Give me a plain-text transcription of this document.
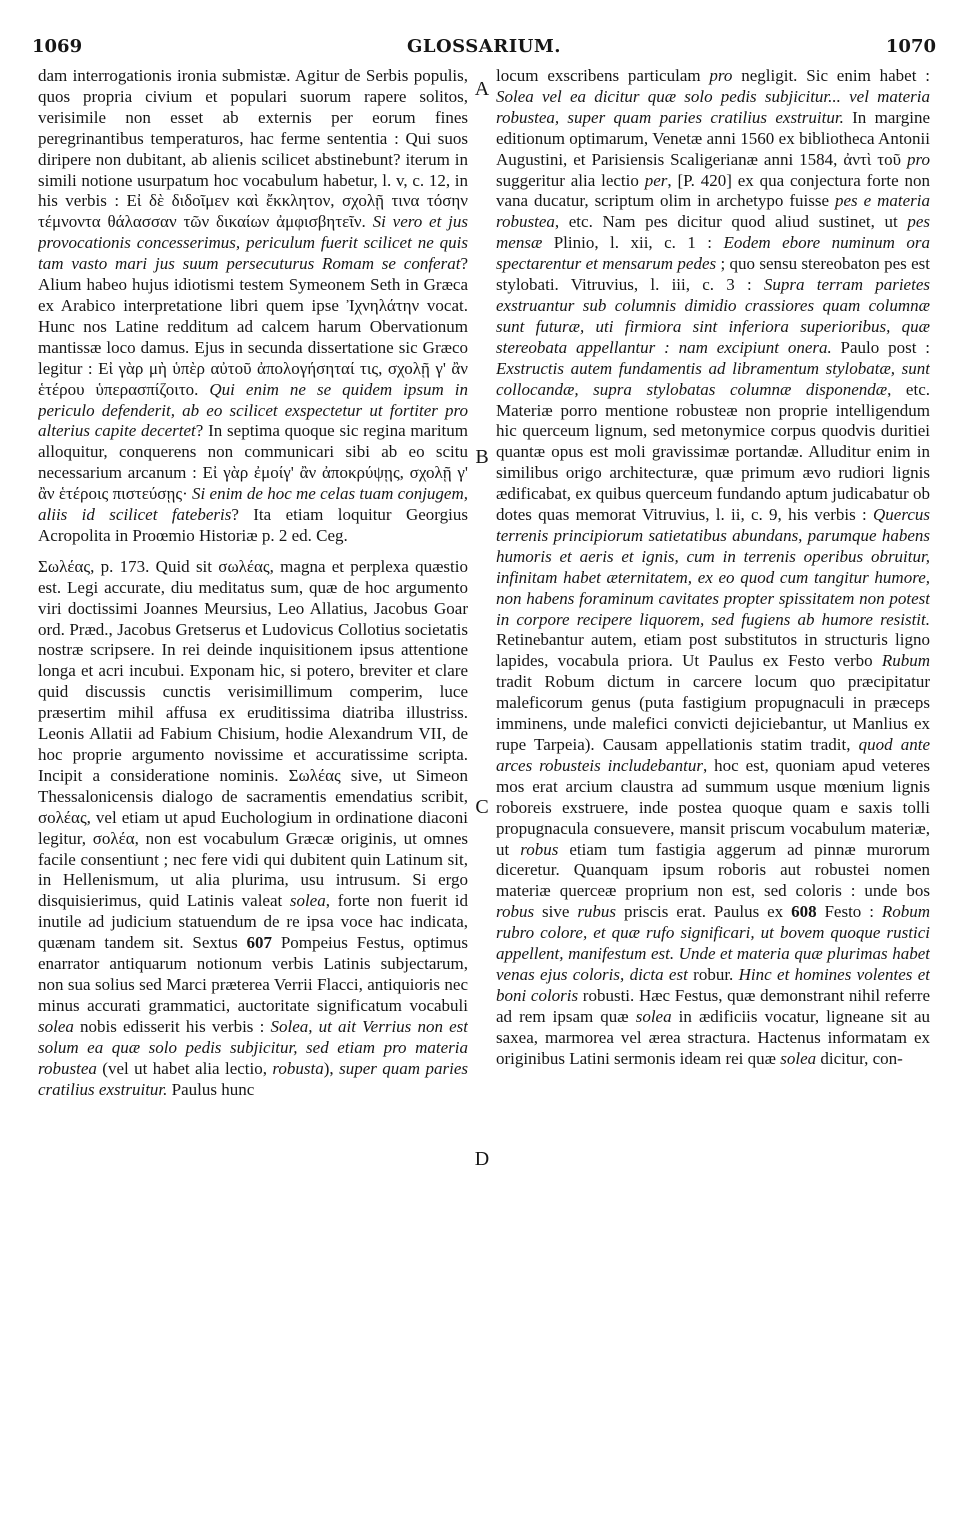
1069	GLOSSARIUM.	1070

dam interrogationis ironia submistæ. Agitur de Serbis populis, quos propria civium et populari suorum rapere solitos, verisimile non esset ab externis per eorum fines peregrinantibus temperaturos, hac ferme sententia : Qui suos diripere non dubitant, ab alienis scilicet abstinebunt? iterum in simili notione usurpatum hoc vocabulum habetur, l. v, c. 12, in his verbis : Εἰ δὲ διδοῖμεν καὶ ἔκκλητον, σχολῇ τινα τόσην τέμνοντα θάλασσαν τῶν δικαίων ἀμφισβητεῖν. Si vero et jus provocationis concesserimus, periculum fuerit scilicet ne quis tam vasto mari jus suum persecuturus Romam se conferat? Alium habeo hujus idiotismi testem Symeonem Seth in Græca ex Arabico interpretatione libri quem ipse Ἰχνηλάτην vocat. Hunc nos Latine redditum ad calcem harum Obervationum mantissæ loco damus. Ejus in secunda dissertatione sic Græco legitur : Εἰ γὰρ μὴ ὑπὲρ αὐτοῦ ἀπολογήσηταί τις, σχολῇ γ' ἂν ἑτέρου ὑπερασπίζοιτο. Qui enim ne se quidem ipsum in periculo defenderit, ab eo scilicet exspectetur ut fortiter pro alterius capite decertet? In septima quoque sic regina maritum alloquitur, conquerens non communicari sibi ab eo scitu necessarium arcanum : Εἰ γὰρ ἐμοίγ' ἂν ἀποκρύψῃς, σχολῇ γ' ἂν ἑτέροις πιστεύσῃς· Si enim de hoc me celas tuam conjugem, aliis id scilicet fateberis? Ita etiam loquitur Georgius Acropolita in Proœmio Historiæ p. 2 ed. Ceg.

Σωλέας, p. 173. Quid sit σωλέας, magna et perplexa quæstio est. Legi accurate, diu meditatus sum, quæ de hoc argumento viri doctissimi Joannes Meursius, Leo Allatius, Jacobus Goar ord. Præd., Jacobus Gretserus et Ludovicus Collotius societatis nostræ scripsere. In rei deinde inquisitionem ipsus attentione longa et acri incubui. Exponam hic, si potero, breviter et clare quid discussis cunctis verisimillimum comperim, luce præsertim mihil affusa ex eruditissima diatriba illustriss. Leonis Allatii ad Fabium Chisium, hodie Alexandrum VII, de hoc proprie argumento novissime et accuratissime scripta. Incipit a consideratione nominis. Σωλέας sive, ut Simeon Thessalonicensis dialogo de sacramentis emendatius scribit, σολέας, vel etiam ut apud Euchologium in ordinatione diaconi legitur, σολέα, non est vocabulum Græcæ originis, ut omnes facile consentiunt ; nec fere vidi qui dubitent quin Latinum sit, in Hellenismum, ut alia plurima, usu intrusum. Si ergo disquisierimus, quid Latinis valeat solea, forte non fuerit id inutile ad judicium statuendum de re ipsa voce hac indicata, quænam tandem sit. Sextus 607 Pompeius Festus, optimus enarrator antiquarum notionum verbis Latinis subjectarum, non sua solius sed Marci præterea Verrii Flacci, antiquioris nec minus accurati grammatici, auctoritate significatum vocabuli solea nobis edisserit his verbis : Solea, ut ait Verrius non est solum ea quæ solo pedis subjicitur, sed etiam pro materia robustea (vel ut habet alia lectio, robusta), super quam paries cratilius exstruitur. Paulus hunc

A
B
C
D

locum exscribens particulam pro negligit. Sic enim habet : Solea vel ea dicitur quæ solo pedis subjicitur... vel materia robustea, super quam paries cratilius exstruitur. In margine editionum optimarum, Venetæ anni 1560 ex bibliotheca Antonii Augustini, et Parisiensis Scaligerianæ anni 1584, ἀντὶ τοῦ pro suggeritur alia lectio per, [P. 420] ex qua conjectura forte non vana ducatur, scriptum olim in archetypo fuisse pes e materia robustea, etc. Nam pes dicitur quod aliud sustinet, ut pes mensæ Plinio, l. xii, c. 1 : Eodem ebore numinum ora spectarentur et mensarum pedes ; quo sensu stereobaton pes est stylobati. Vitruvius, l. iii, c. 3 : Supra terram parietes exstruantur sub columnis dimidio crassiores quam columnæ sunt futuræ, uti firmiora sint inferiora superioribus, quæ stereobata appellantur : nam excipiunt onera. Paulo post : Exstructis autem fundamentis ad libramentum stylobatæ, sunt collocandæ, supra stylobatas columnæ disponendæ, etc. Materiæ porro mentione robusteæ non proprie intelligendum hic querceum lignum, sed metonymice corpus quodvis duritiei quantæ opus est moli gravissimæ portandæ. Alluditur enim in similibus origo architecturæ, quæ primum ævo rudiori lignis ædificabat, ex quibus querceum fundando aptum judicabatur ob dotes quas memorat Vitruvius, l. ii, c. 9, his verbis : Quercus terrenis principiorum satietatibus abundans, parumque habens humoris et aeris et ignis, cum in terrenis operibus obruitur, infinitam habet æternitatem, ex eo quod cum tangitur humore, non habens foraminum cavitates propter spissitatem non potest in corpore recipere liquorem, sed fugiens ab humore resistit. Retinebantur autem, etiam post substitutos in structuris ligno lapides, vocabula priora. Ut Paulus ex Festo verbo Rubum tradit Robum dictum in carcere locum quo præcipitatur maleficorum genus (puta fastigium propugnaculi in præceps imminens, unde malefici convicti dejiciebantur, ut Manlius ex rupe Tarpeia). Causam appellationis statim tradit, quod ante arces robusteis includebantur, hoc est, quoniam apud veteres mos erat arcium claustra ad summum usque mœnium lignis roboreis exstruere, inde postea quoque quam e saxis tolli propugnacula consuevere, mansit priscum vocabulum materiæ, ut robus etiam tum fastigia aggerum ad pinnæ murorum diceretur. Quanquam ipsum roboris aut robustei nomen materiæ querceæ proprium non est, sed coloris : unde bos robus sive rubus priscis erat. Paulus ex 608 Festo : Robum rubro colore, et quæ rufo significari, ut bovem quoque rustici appellent, manifestum est. Unde et materia quæ plurimas habet venas ejus coloris, dicta est robur. Hinc et homines volentes et boni coloris robusti. Hæc Festus, quæ demonstrant nihil referre ad rem ipsam quæ solea in ædificiis vocatur, ligneane sit au saxea, marmorea vel ærea stractura. Hactenus informatam ex originibus Latini sermonis ideam rei quæ solea dicitur, con-
